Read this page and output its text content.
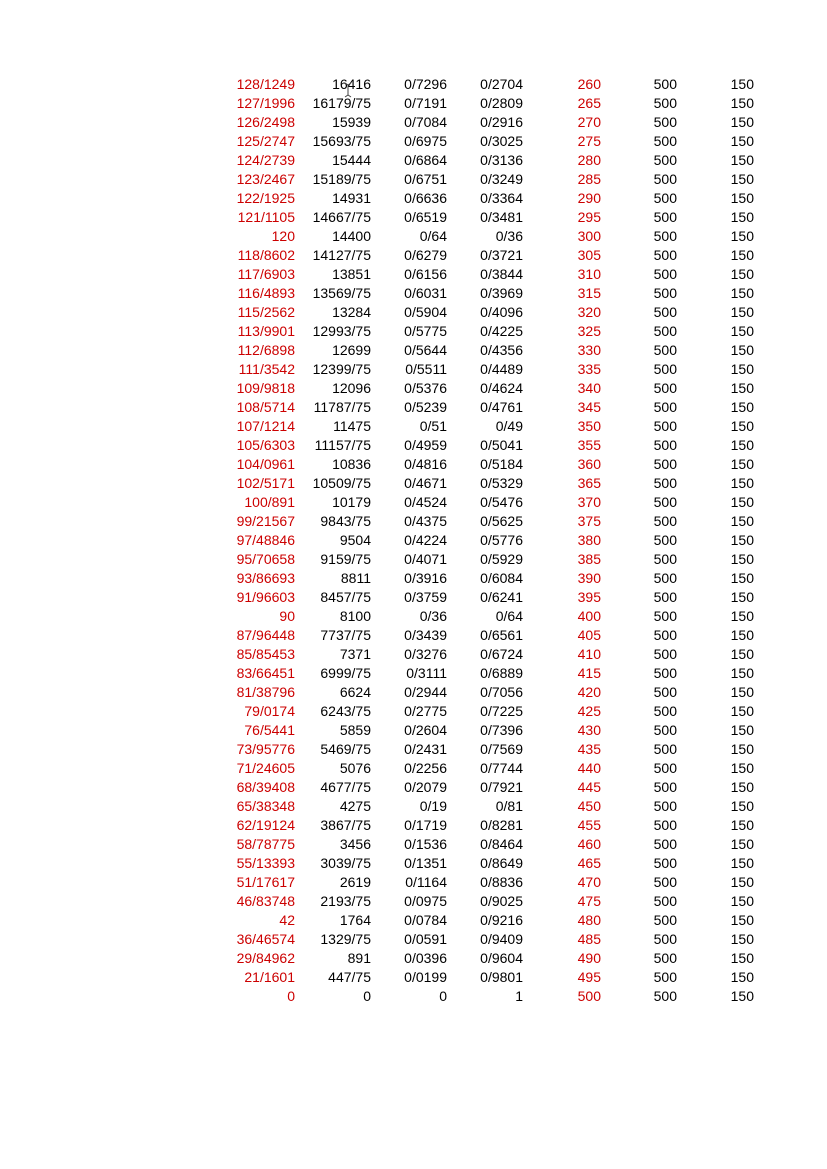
128/1249	16416	0/7296	0/2704	260	500	150
127/1996	16179/75	0/7191	0/2809	265	500	150
126/2498	15939	0/7084	0/2916	270	500	150
125/2747	15693/75	0/6975	0/3025	275	500	150
124/2739	15444	0/6864	0/3136	280	500	150
123/2467	15189/75	0/6751	0/3249	285	500	150
122/1925	14931	0/6636	0/3364	290	500	150
121/1105	14667/75	0/6519	0/3481	295	500	150
120	14400	0/64	0/36	300	500	150
118/8602	14127/75	0/6279	0/3721	305	500	150
117/6903	13851	0/6156	0/3844	310	500	150
116/4893	13569/75	0/6031	0/3969	315	500	150
115/2562	13284	0/5904	0/4096	320	500	150
113/9901	12993/75	0/5775	0/4225	325	500	150
112/6898	12699	0/5644	0/4356	330	500	150
111/3542	12399/75	0/5511	0/4489	335	500	150
109/9818	12096	0/5376	0/4624	340	500	150
108/5714	11787/75	0/5239	0/4761	345	500	150
107/1214	11475	0/51	0/49	350	500	150
105/6303	11157/75	0/4959	0/5041	355	500	150
104/0961	10836	0/4816	0/5184	360	500	150
102/5171	10509/75	0/4671	0/5329	365	500	150
100/891	10179	0/4524	0/5476	370	500	150
99/21567	9843/75	0/4375	0/5625	375	500	150
97/48846	9504	0/4224	0/5776	380	500	150
95/70658	9159/75	0/4071	0/5929	385	500	150
93/86693	8811	0/3916	0/6084	390	500	150
91/96603	8457/75	0/3759	0/6241	395	500	150
90	8100	0/36	0/64	400	500	150
87/96448	7737/75	0/3439	0/6561	405	500	150
85/85453	7371	0/3276	0/6724	410	500	150
83/66451	6999/75	0/3111	0/6889	415	500	150
81/38796	6624	0/2944	0/7056	420	500	150
79/0174	6243/75	0/2775	0/7225	425	500	150
76/5441	5859	0/2604	0/7396	430	500	150
73/95776	5469/75	0/2431	0/7569	435	500	150
71/24605	5076	0/2256	0/7744	440	500	150
68/39408	4677/75	0/2079	0/7921	445	500	150
65/38348	4275	0/19	0/81	450	500	150
62/19124	3867/75	0/1719	0/8281	455	500	150
58/78775	3456	0/1536	0/8464	460	500	150
55/13393	3039/75	0/1351	0/8649	465	500	150
51/17617	2619	0/1164	0/8836	470	500	150
46/83748	2193/75	0/0975	0/9025	475	500	150
42	1764	0/0784	0/9216	480	500	150
36/46574	1329/75	0/0591	0/9409	485	500	150
29/84962	891	0/0396	0/9604	490	500	150
21/1601	447/75	0/0199	0/9801	495	500	150
0	0	0	1	500	500	150
